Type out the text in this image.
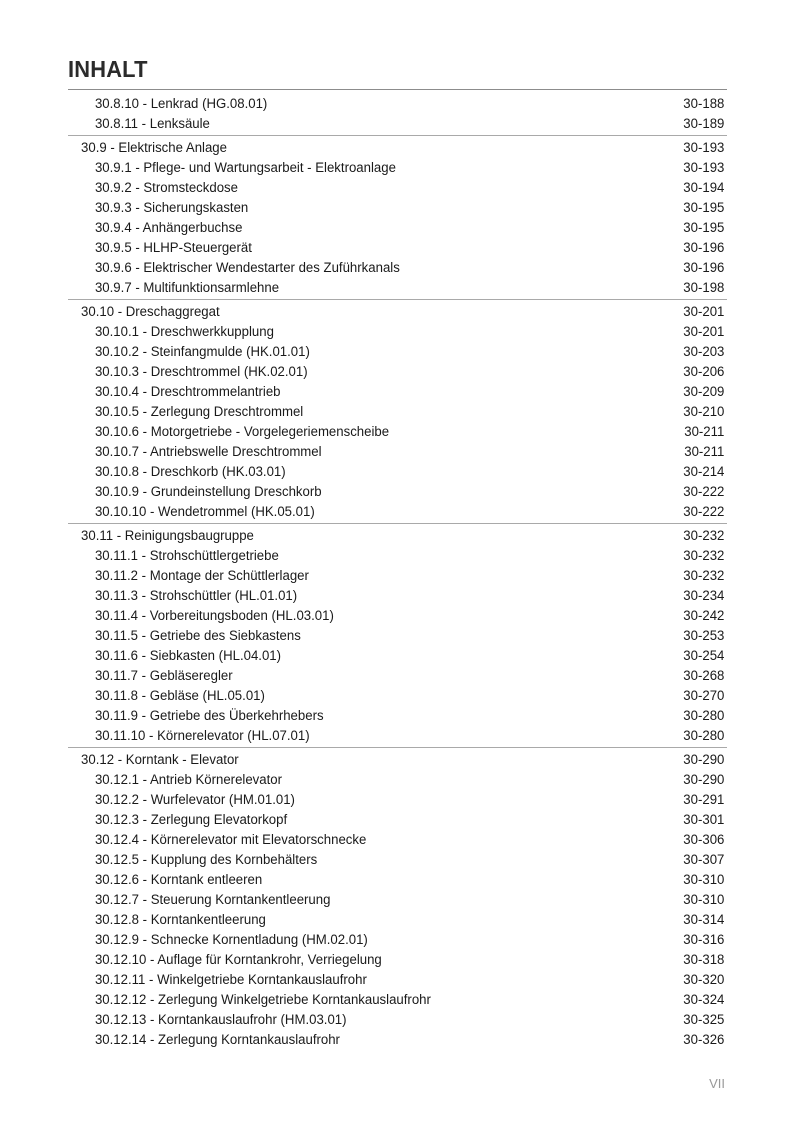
INHALT
30.8.10 - Lenkrad (HG.08.01)	30-188
30.8.11 - Lenksäule	30-189
30.9 - Elektrische Anlage	30-193
30.9.1 - Pflege- und Wartungsarbeit - Elektroanlage	30-193
30.9.2 - Stromsteckdose	30-194
30.9.3 - Sicherungskasten	30-195
30.9.4 - Anhängerbuchse	30-195
30.9.5 - HLHP-Steuergerät	30-196
30.9.6 - Elektrischer Wendestarter des Zuführkanals	30-196
30.9.7 - Multifunktionsarmlehne	30-198
30.10 - Dreschaggregat	30-201
30.10.1 - Dreschwerkkupplung	30-201
30.10.2 - Steinfangmulde (HK.01.01)	30-203
30.10.3 - Dreschtrommel (HK.02.01)	30-206
30.10.4 - Dreschtrommelantrieb	30-209
30.10.5 - Zerlegung Dreschtrommel	30-210
30.10.6 - Motorgetriebe - Vorgelegeriemenscheibe	30-211
30.10.7 - Antriebswelle Dreschtrommel	30-211
30.10.8 - Dreschkorb (HK.03.01)	30-214
30.10.9 - Grundeinstellung Dreschkorb	30-222
30.10.10 - Wendetrommel (HK.05.01)	30-222
30.11 - Reinigungsbaugruppe	30-232
30.11.1 - Strohschüttlergetriebe	30-232
30.11.2 - Montage der Schüttlerlager	30-232
30.11.3 - Strohschüttler (HL.01.01)	30-234
30.11.4 - Vorbereitungsboden (HL.03.01)	30-242
30.11.5 - Getriebe des Siebkastens	30-253
30.11.6 - Siebkasten (HL.04.01)	30-254
30.11.7 - Gebläseregler	30-268
30.11.8 - Gebläse (HL.05.01)	30-270
30.11.9 - Getriebe des Überkehrhebers	30-280
30.11.10 - Körnerelevator (HL.07.01)	30-280
30.12 - Korntank - Elevator	30-290
30.12.1 - Antrieb Körnerelevator	30-290
30.12.2 - Wurfelevator (HM.01.01)	30-291
30.12.3 - Zerlegung Elevatorkopf	30-301
30.12.4 - Körnerelevator mit Elevatorschnecke	30-306
30.12.5 - Kupplung des Kornbehälters	30-307
30.12.6 - Korntank entleeren	30-310
30.12.7 - Steuerung Korntankentleerung	30-310
30.12.8 - Korntankentleerung	30-314
30.12.9 - Schnecke Kornentladung (HM.02.01)	30-316
30.12.10 - Auflage für Korntankrohr, Verriegelung	30-318
30.12.11 - Winkelgetriebe Korntankauslaufrohr	30-320
30.12.12 - Zerlegung Winkelgetriebe Korntankauslaufrohr	30-324
30.12.13 - Korntankauslaufrohr (HM.03.01)	30-325
30.12.14 - Zerlegung Korntankauslaufrohr	30-326
VII
